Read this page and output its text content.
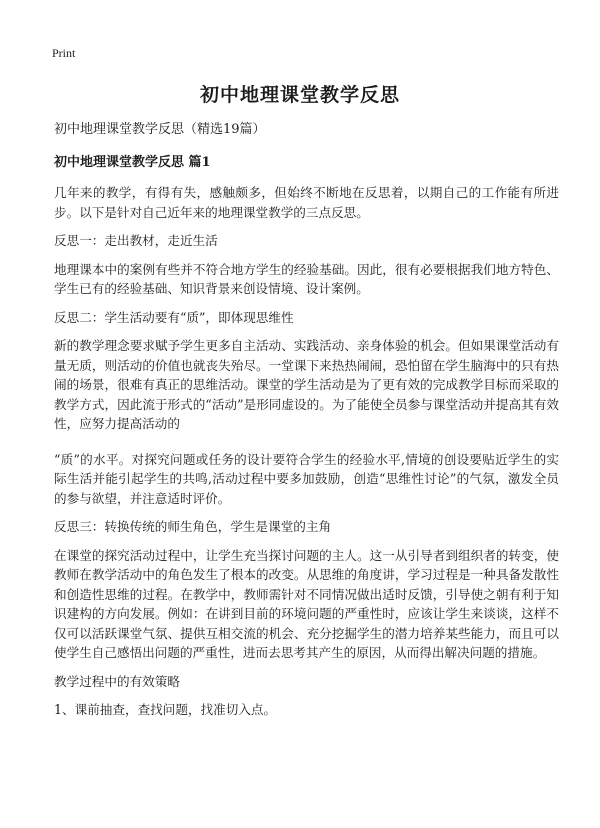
Print
初中地理课堂教学反思

初中地理课堂教学反思（精选19篇）

初中地理课堂教学反思 篇1

几年来的教学，有得有失，感触颇多，但始终不断地在反思着，以期自己的工作能有所进步。以下是针对自己近年来的地理课堂教学的三点反思。

反思一：走出教材，走近生活

地理课本中的案例有些并不符合地方学生的经验基础。因此，很有必要根据我们地方特色、学生已有的经验基础、知识背景来创设情境、设计案例。

反思二：学生活动要有“质”，即体现思维性

新的教学理念要求赋予学生更多自主活动、实践活动、亲身体验的机会。但如果课堂活动有量无质，则活动的价值也就丧失殆尽。一堂课下来热热闹闹，恐怕留在学生脑海中的只有热闹的场景，很难有真正的思维活动。课堂的学生活动是为了更有效的完成教学目标而采取的教学方式，因此流于形式的“活动”是形同虚设的。为了能使全员参与课堂活动并提高其有效性，应努力提高活动的

“质”的水平。对探究问题或任务的设计要符合学生的经验水平,情境的创设要贴近学生的实际生活并能引起学生的共鸣,活动过程中要多加鼓励，创造“思维性讨论”的气氛，激发全员的参与欲望，并注意适时评价。

反思三：转换传统的师生角色，学生是课堂的主角

在课堂的探究活动过程中，让学生充当探讨问题的主人。这一从引导者到组织者的转变，使教师在教学活动中的角色发生了根本的改变。从思维的角度讲，学习过程是一种具备发散性和创造性思维的过程。在教学中，教师需针对不同情况做出适时反馈，引导使之朝有利于知识建构的方向发展。例如：在讲到目前的环境问题的严重性时，应该让学生来谈谈，这样不仅可以活跃课堂气氛、提供互相交流的机会、充分挖掘学生的潜力培养某些能力，而且可以使学生自己感悟出问题的严重性，进而去思考其产生的原因，从而得出解决问题的措施。

教学过程中的有效策略

1、课前抽查，查找问题，找准切入点。
